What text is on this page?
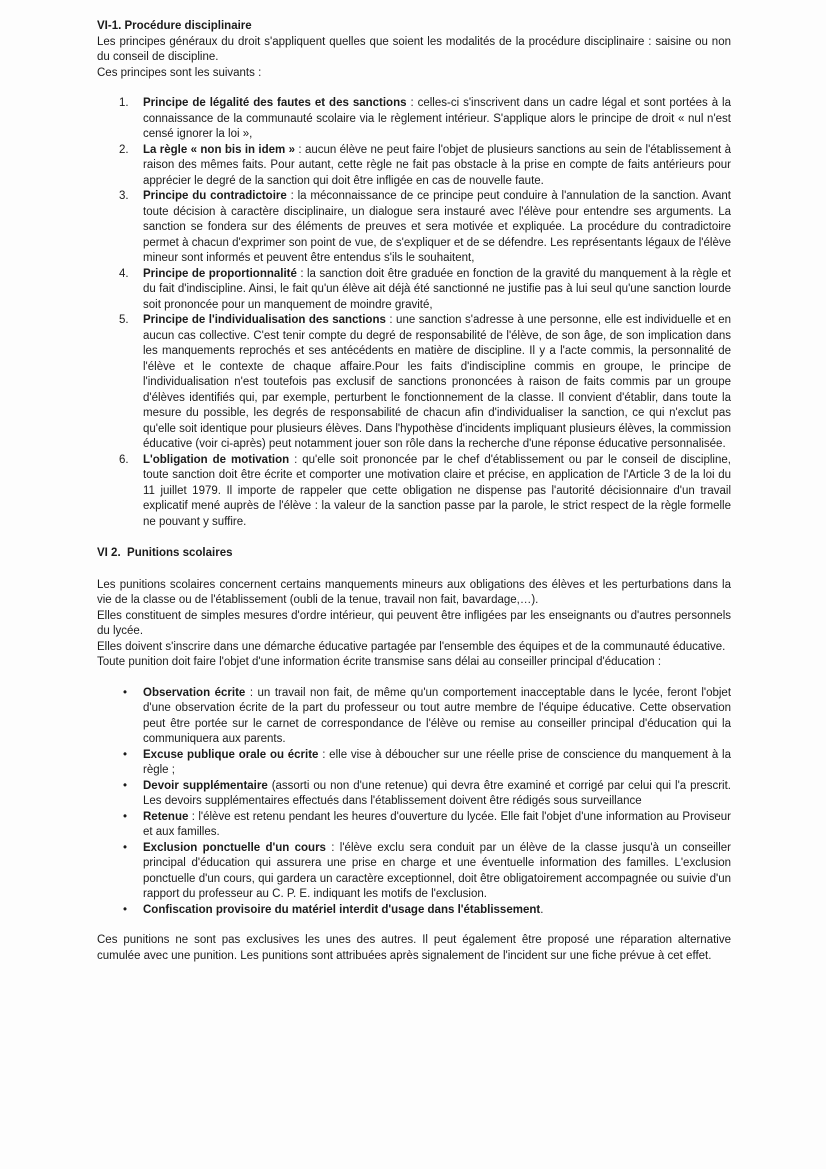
VI-1. Procédure disciplinaire

Les principes généraux du droit s'appliquent quelles que soient les modalités de la procédure disciplinaire : saisine ou non du conseil de discipline.

Ces principes sont les suivants :

1.	Principe de légalité des fautes et des sanctions : celles-ci s'inscrivent dans un cadre légal et sont portées à la connaissance de la communauté scolaire via le règlement intérieur. S'applique alors le principe de droit « nul n'est censé ignorer la loi »,

2.	La règle « non bis in idem » : aucun élève ne peut faire l'objet de plusieurs sanctions au sein de l'établissement à raison des mêmes faits. Pour autant, cette règle ne fait pas obstacle à la prise en compte de faits antérieurs pour apprécier le degré de la sanction qui doit être infligée en cas de nouvelle faute.

3.	Principe du contradictoire : la méconnaissance de ce principe peut conduire à l'annulation de la sanction. Avant toute décision à caractère disciplinaire, un dialogue sera instauré avec l'élève pour entendre ses arguments. La sanction se fondera sur des éléments de preuves et sera motivée et expliquée. La procédure du contradictoire permet à chacun d'exprimer son point de vue, de s'expliquer et de se défendre. Les représentants légaux de l'élève mineur sont informés et peuvent être entendus s'ils le souhaitent,

4.	Principe de proportionnalité : la sanction doit être graduée en fonction de la gravité du manquement à la règle et du fait d'indiscipline. Ainsi, le fait qu'un élève ait déjà été sanctionné ne justifie pas à lui seul qu'une sanction lourde soit prononcée pour un manquement de moindre gravité,

5.	Principe de l'individualisation des sanctions : une sanction s'adresse à une personne, elle est individuelle et en aucun cas collective. C'est tenir compte du degré de responsabilité de l'élève, de son âge, de son implication dans les manquements reprochés et ses antécédents en matière de discipline. Il y a l'acte commis, la personnalité de l'élève et le contexte de chaque affaire.Pour les faits d'indiscipline commis en groupe, le principe de l'individualisation n'est toutefois pas exclusif de sanctions prononcées à raison de faits commis par un groupe d'élèves identifiés qui, par exemple, perturbent le fonctionnement de la classe. Il convient d'établir, dans toute la mesure du possible, les degrés de responsabilité de chacun afin d'individualiser la sanction, ce qui n'exclut pas qu'elle soit identique pour plusieurs élèves. Dans l'hypothèse d'incidents impliquant plusieurs élèves, la commission éducative (voir ci-après) peut notamment jouer son rôle dans la recherche d'une réponse éducative personnalisée.

6.	L'obligation de motivation : qu'elle soit prononcée par le chef d'établissement ou par le conseil de discipline, toute sanction doit être écrite et comporter une motivation claire et précise, en application de l'Article 3 de la loi du 11 juillet 1979. Il importe de rappeler que cette obligation ne dispense pas l'autorité décisionnaire d'un travail explicatif mené auprès de l'élève : la valeur de la sanction passe par la parole, le strict respect de la règle formelle ne pouvant y suffire.

VI 2.  Punitions scolaires

Les punitions scolaires concernent certains manquements mineurs aux obligations des élèves et les perturbations dans la vie de la classe ou de l'établissement (oubli de la tenue, travail non fait, bavardage,…).

Elles constituent de simples mesures d'ordre intérieur, qui peuvent être infligées par les enseignants ou d'autres personnels du lycée.

Elles doivent s'inscrire dans une démarche éducative partagée par l'ensemble des équipes et de la communauté éducative.

Toute punition doit faire l'objet d'une information écrite transmise sans délai au conseiller principal d'éducation :

•	Observation écrite : un travail non fait, de même qu'un comportement inacceptable dans le lycée, feront l'objet d'une observation écrite de la part du professeur ou tout autre membre de l'équipe éducative. Cette observation peut être portée sur le carnet de correspondance de l'élève ou remise au conseiller principal d'éducation qui la communiquera aux parents.

•	Excuse publique orale ou écrite : elle vise à déboucher sur une réelle prise de conscience du manquement à la règle ;

•	Devoir supplémentaire (assorti ou non d'une retenue) qui devra être examiné et corrigé par celui qui l'a prescrit. Les devoirs supplémentaires effectués dans l'établissement doivent être rédigés sous surveillance

•	Retenue : l'élève est retenu pendant les heures d'ouverture du lycée. Elle fait l'objet d'une information au Proviseur et aux familles.

•	Exclusion ponctuelle d'un cours : l'élève exclu sera conduit par un élève de la classe jusqu'à un conseiller principal d'éducation qui assurera une prise en charge et une éventuelle information des familles. L'exclusion ponctuelle d'un cours, qui gardera un caractère exceptionnel, doit être obligatoirement accompagnée ou suivie d'un rapport du professeur au C. P. E. indiquant les motifs de l'exclusion.

•	Confiscation provisoire du matériel interdit d'usage dans l'établissement.

Ces punitions ne sont pas exclusives les unes des autres. Il peut également être proposé une réparation alternative cumulée avec une punition. Les punitions sont attribuées après signalement de l'incident sur une fiche prévue à cet effet.
